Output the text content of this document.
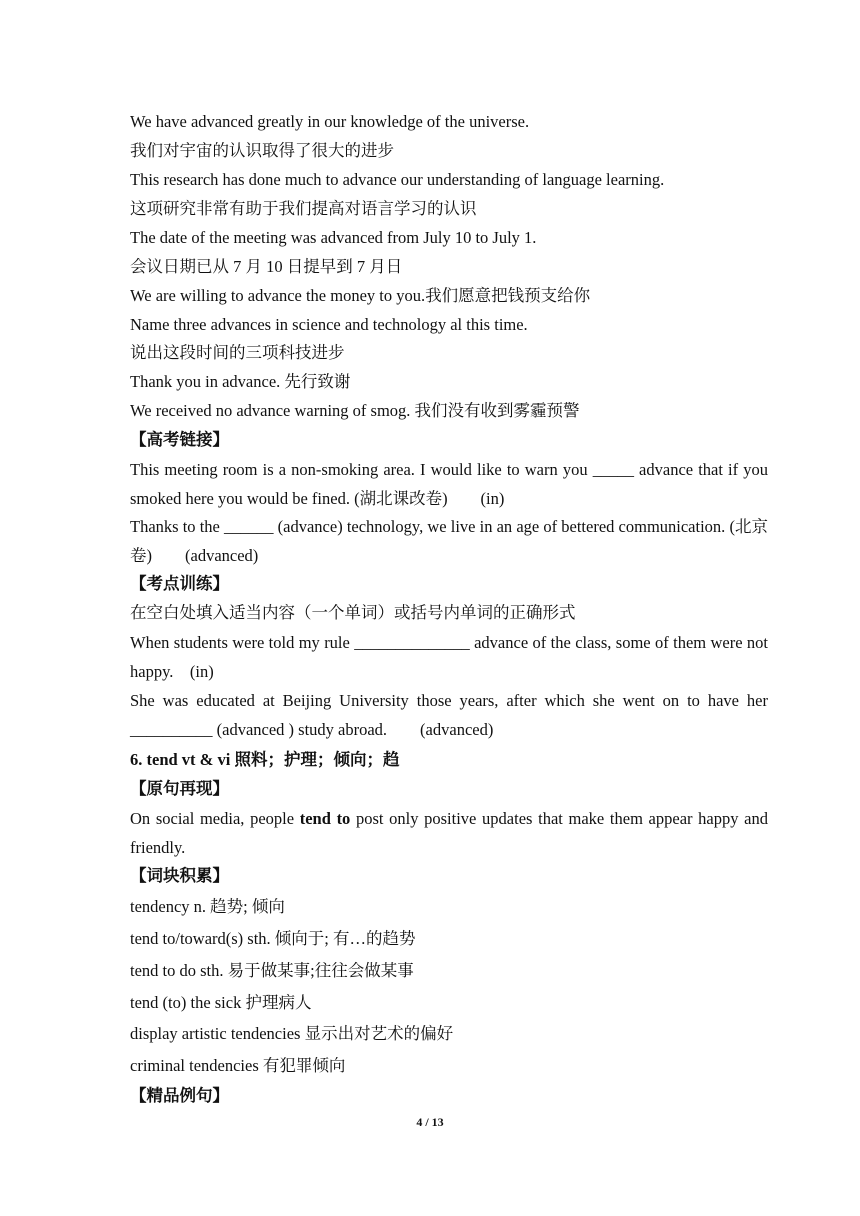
We have advanced greatly in our knowledge of the universe.
我们对宇宙的认识取得了很大的进步
This research has done much to advance our understanding of language learning.
这项研究非常有助于我们提高对语言学习的认识
The date of the meeting was advanced from July 10 to July 1.
会议日期已从 7 月 10 日提早到 7 月日
We are willing to advance the money to you.我们愿意把钱预支给你
Name three advances in science and technology al this time.
说出这段时间的三项科技进步
Thank you in advance. 先行致谢
We received no advance warning of smog. 我们没有收到雾霾预警
【高考链接】
This meeting room is a non-smoking area. I would like to warn you _____ advance that if you smoked here you would be fined. (湖北课改卷)　　(in)
Thanks to the ______ (advance) technology, we live in an age of bettered communication. (北京卷)　　(advanced)
【考点训练】
在空白处填入适当内容（一个单词）或括号内单词的正确形式
When students were told my rule ______________ advance of the class, some of them were not happy.　(in)
She was educated at Beijing University those years, after which she went on to have her __________ (advanced ) study abroad.　　(advanced)
6. tend vt & vi 照料；护理；倾向；趋
【原句再现】
On social media, people tend to post only positive updates that make them appear happy and friendly.
【词块积累】
tendency n. 趋势; 倾向
tend to/toward(s) sth. 倾向于; 有…的趋势
tend to do sth. 易于做某事;往往会做某事
tend (to) the sick 护理病人
display artistic tendencies 显示出对艺术的偏好
criminal tendencies 有犯罪倾向
【精品例句】
4 / 13
